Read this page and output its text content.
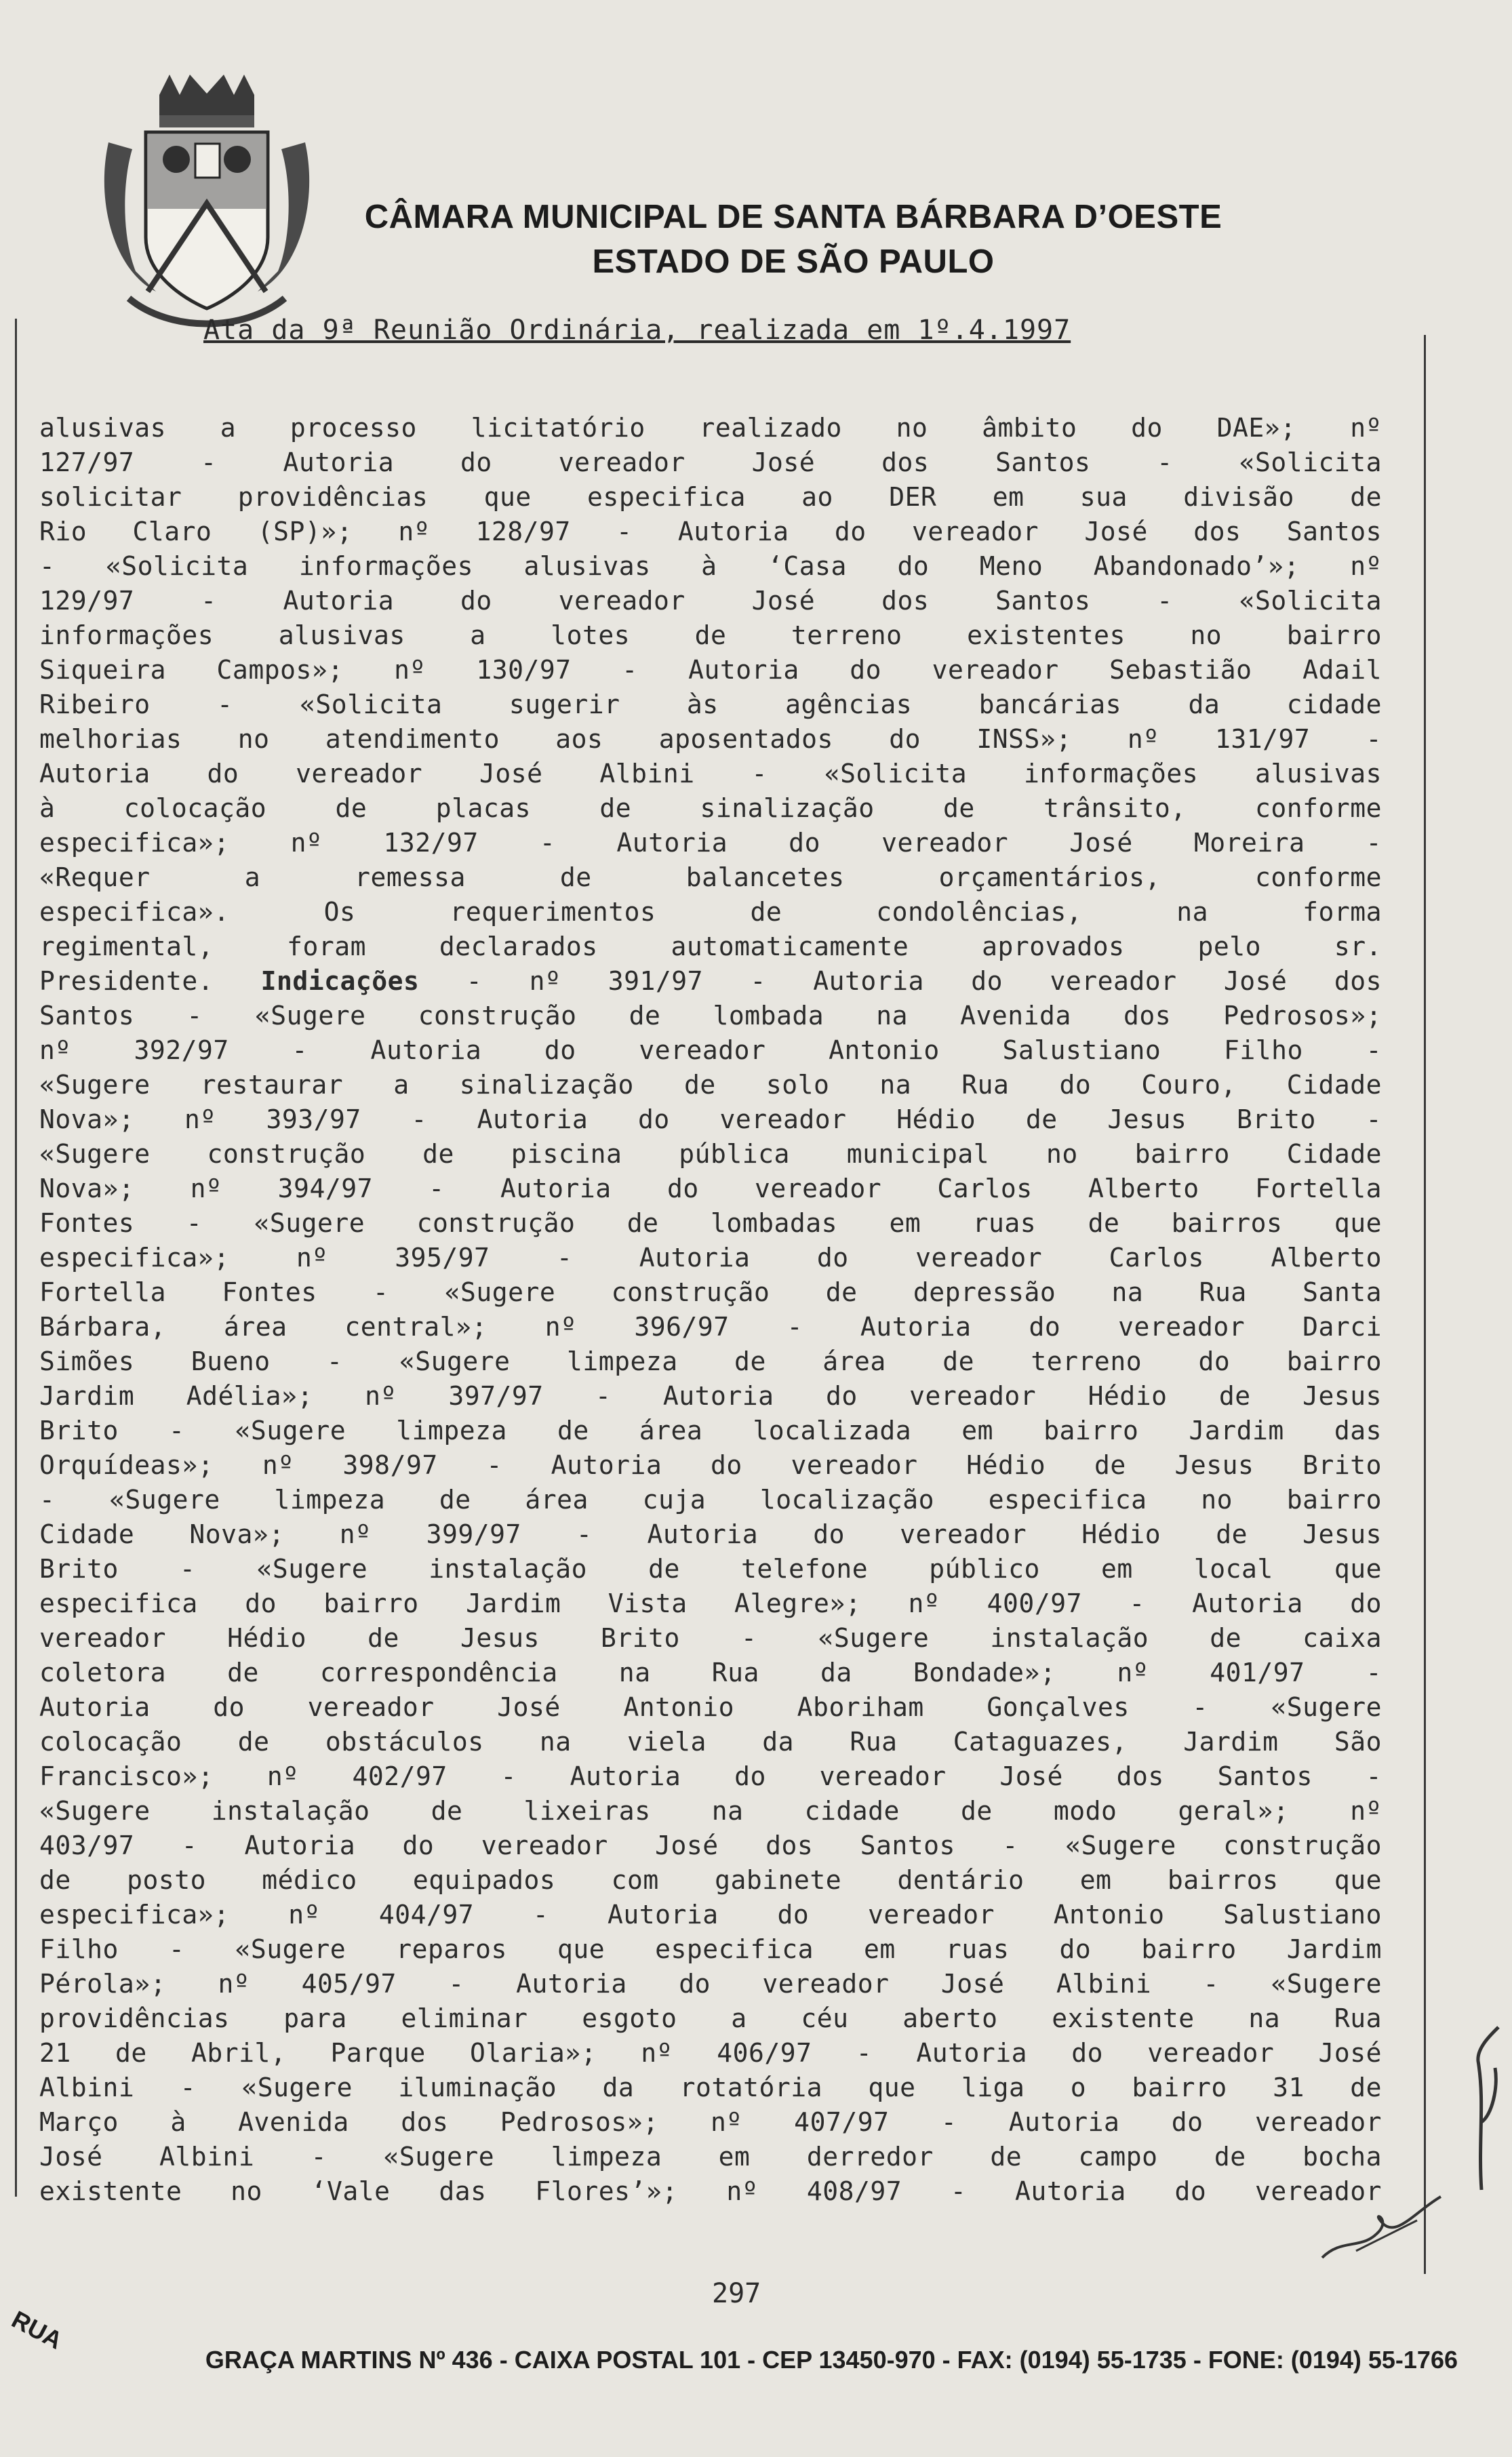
CÂMARA MUNICIPAL DE SANTA BÁRBARA D’OESTE
ESTADO DE SÃO PAULO
Ata da 9ª Reunião Ordinária, realizada em 1º.4.1997
alusivas a processo licitatório realizado no âmbito do DAE»; nº
127/97 - Autoria do vereador José dos Santos - «Solicita
solicitar providências que especifica ao DER em sua divisão de
Rio Claro (SP)»; nº 128/97 - Autoria do vereador José dos Santos
- «Solicita informações alusivas à ‘Casa do Meno Abandonado’»; nº
129/97 - Autoria do vereador José dos Santos - «Solicita
informações alusivas a lotes de terreno existentes no bairro
Siqueira Campos»; nº 130/97 - Autoria do vereador Sebastião Adail
Ribeiro - «Solicita sugerir às agências bancárias da cidade
melhorias no atendimento aos aposentados do INSS»; nº 131/97 -
Autoria do vereador José Albini - «Solicita informações alusivas
à colocação de placas de sinalização de trânsito, conforme
especifica»; nº 132/97 - Autoria do vereador José Moreira -
«Requer a remessa de balancetes orçamentários, conforme
especifica». Os requerimentos de condolências, na forma
regimental, foram declarados automaticamente aprovados pelo sr.
Presidente. Indicações - nº 391/97 - Autoria do vereador José dos
Santos - «Sugere construção de lombada na Avenida dos Pedrosos»;
nº 392/97 - Autoria do vereador Antonio Salustiano Filho -
«Sugere restaurar a sinalização de solo na Rua do Couro, Cidade
Nova»; nº 393/97 - Autoria do vereador Hédio de Jesus Brito -
«Sugere construção de piscina pública municipal no bairro Cidade
Nova»; nº 394/97 - Autoria do vereador Carlos Alberto Fortella
Fontes - «Sugere construção de lombadas em ruas de bairros que
especifica»; nº 395/97 - Autoria do vereador Carlos Alberto
Fortella Fontes - «Sugere construção de depressão na Rua Santa
Bárbara, área central»; nº 396/97 - Autoria do vereador Darci
Simões Bueno - «Sugere limpeza de área de terreno do bairro
Jardim Adélia»; nº 397/97 - Autoria do vereador Hédio de Jesus
Brito - «Sugere limpeza de área localizada em bairro Jardim das
Orquídeas»; nº 398/97 - Autoria do vereador Hédio de Jesus Brito
- «Sugere limpeza de área cuja localização especifica no bairro
Cidade Nova»; nº 399/97 - Autoria do vereador Hédio de Jesus
Brito - «Sugere instalação de telefone público em local que
especifica do bairro Jardim Vista Alegre»; nº 400/97 - Autoria do
vereador Hédio de Jesus Brito - «Sugere instalação de caixa
coletora de correspondência na Rua da Bondade»; nº 401/97 -
Autoria do vereador José Antonio Aboriham Gonçalves - «Sugere
colocação de obstáculos na viela da Rua Cataguazes, Jardim São
Francisco»; nº 402/97 - Autoria do vereador José dos Santos -
«Sugere instalação de lixeiras na cidade de modo geral»; nº
403/97 - Autoria do vereador José dos Santos - «Sugere construção
de posto médico equipados com gabinete dentário em bairros que
especifica»; nº 404/97 - Autoria do vereador Antonio Salustiano
Filho - «Sugere reparos que especifica em ruas do bairro Jardim
Pérola»; nº 405/97 - Autoria do vereador José Albini - «Sugere
providências para eliminar esgoto a céu aberto existente na Rua
21 de Abril, Parque Olaria»; nº 406/97 - Autoria do vereador José
Albini - «Sugere iluminação da rotatória que liga o bairro 31 de
Março à Avenida dos Pedrosos»; nº 407/97 - Autoria do vereador
José Albini - «Sugere limpeza em derredor de campo de bocha
existente no ‘Vale das Flores’»; nº 408/97 - Autoria do vereador
297
RUA
GRAÇA MARTINS Nº 436 - CAIXA POSTAL 101 - CEP 13450-970 - FAX: (0194) 55-1735 - FONE: (0194) 55-1766
